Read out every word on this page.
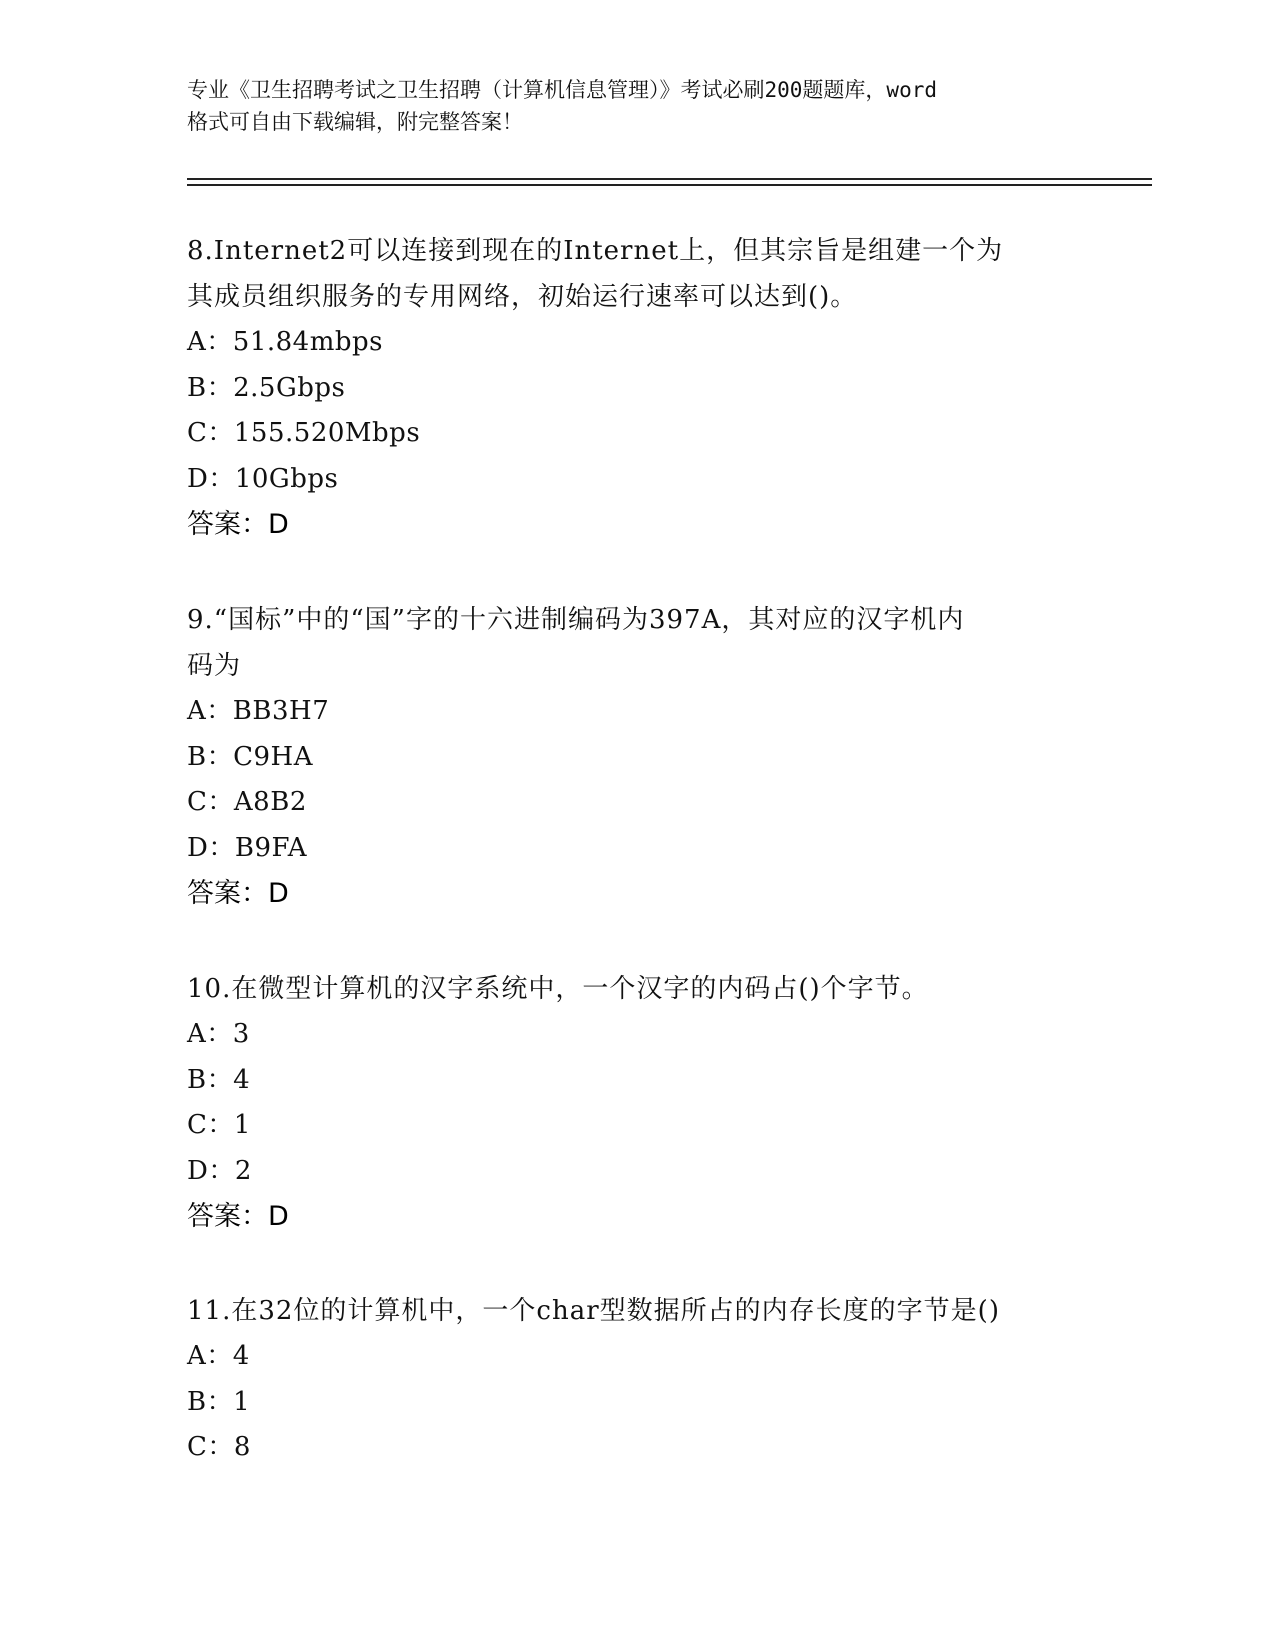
专业《卫生招聘考试之卫生招聘（计算机信息管理）》考试必刷200题题库，word
格式可自由下载编辑，附完整答案！
8.Internet2可以连接到现在的Internet上，但其宗旨是组建一个为
其成员组织服务的专用网络，初始运行速率可以达到()。
A：51.84mbps
B：2.5Gbps
C：155.520Mbps
D：10Gbps
答案：D
9.“国标”中的“国”字的十六进制编码为397A，其对应的汉字机内
码为
A：BB3H7
B：C9HA
C：A8B2
D：B9FA
答案：D
10.在微型计算机的汉字系统中，一个汉字的内码占()个字节。
A：3
B：4
C：1
D：2
答案：D
11.在32位的计算机中，一个char型数据所占的内存长度的字节是()
A：4
B：1
C：8
